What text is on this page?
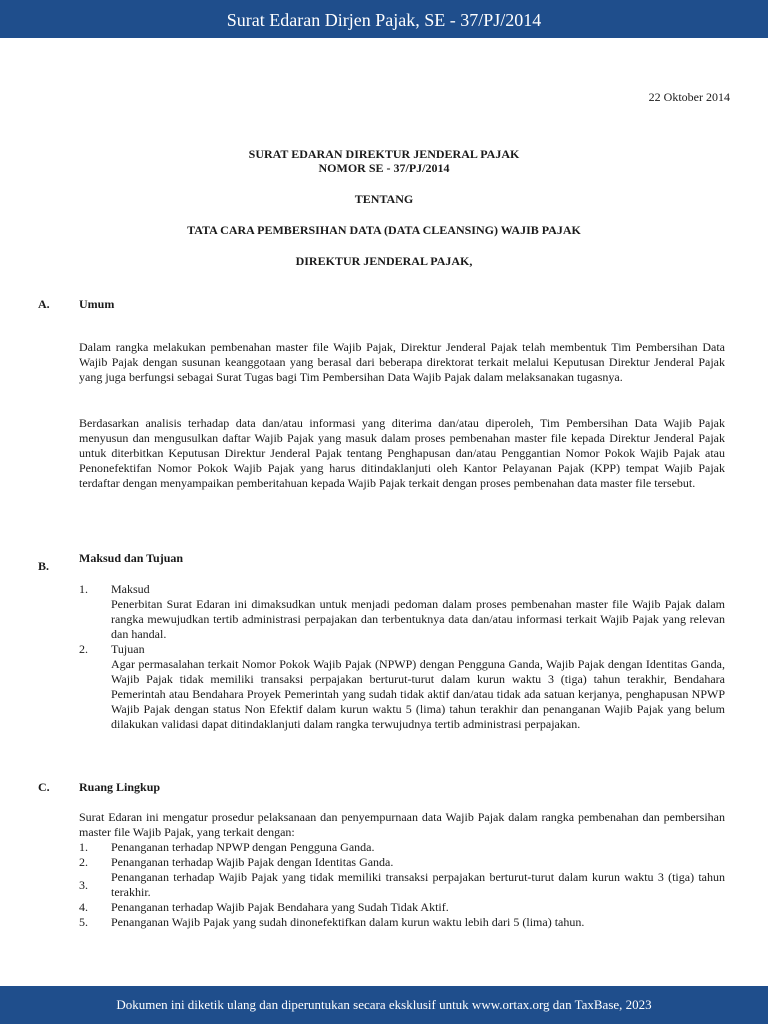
Surat Edaran Dirjen Pajak, SE - 37/PJ/2014
22 Oktober 2014
SURAT EDARAN DIREKTUR JENDERAL PAJAK
NOMOR SE - 37/PJ/2014
TENTANG
TATA CARA PEMBERSIHAN DATA (DATA CLEANSING) WAJIB PAJAK
DIREKTUR JENDERAL PAJAK,
A. Umum

Dalam rangka melakukan pembenahan master file Wajib Pajak, Direktur Jenderal Pajak telah membentuk Tim Pembersihan Data Wajib Pajak dengan susunan keanggotaan yang berasal dari beberapa direktorat terkait melalui Keputusan Direktur Jenderal Pajak yang juga berfungsi sebagai Surat Tugas bagi Tim Pembersihan Data Wajib Pajak dalam melaksanakan tugasnya.

Berdasarkan analisis terhadap data dan/atau informasi yang diterima dan/atau diperoleh, Tim Pembersihan Data Wajib Pajak menyusun dan mengusulkan daftar Wajib Pajak yang masuk dalam proses pembenahan master file kepada Direktur Jenderal Pajak untuk diterbitkan Keputusan Direktur Jenderal Pajak tentang Penghapusan dan/atau Penggantian Nomor Pokok Wajib Pajak atau Penonefektifan Nomor Pokok Wajib Pajak yang harus ditindaklanjuti oleh Kantor Pelayanan Pajak (KPP) tempat Wajib Pajak terdaftar dengan menyampaikan pemberitahuan kepada Wajib Pajak terkait dengan proses pembenahan data master file tersebut.

Maksud dan Tujuan
B.
1.	Maksud
Penerbitan Surat Edaran ini dimaksudkan untuk menjadi pedoman dalam proses pembenahan master file Wajib Pajak dalam rangka mewujudkan tertib administrasi perpajakan dan terbentuknya data dan/atau informasi terkait Wajib Pajak yang relevan dan handal.
2.	Tujuan
Agar permasalahan terkait Nomor Pokok Wajib Pajak (NPWP) dengan Pengguna Ganda, Wajib Pajak dengan Identitas Ganda, Wajib Pajak tidak memiliki transaksi perpajakan berturut-turut dalam kurun waktu 3 (tiga) tahun terakhir, Bendahara Pemerintah atau Bendahara Proyek Pemerintah yang sudah tidak aktif dan/atau tidak ada satuan kerjanya, penghapusan NPWP Wajib Pajak dengan status Non Efektif dalam kurun waktu 5 (lima) tahun terakhir dan penanganan Wajib Pajak yang belum dilakukan validasi dapat ditindaklanjuti dalam rangka terwujudnya tertib administrasi perpajakan.
C. Ruang Lingkup

Surat Edaran ini mengatur prosedur pelaksanaan dan penyempurnaan data Wajib Pajak dalam rangka pembenahan dan pembersihan master file Wajib Pajak, yang terkait dengan:

1.	Penanganan terhadap NPWP dengan Pengguna Ganda.
2.	Penanganan terhadap Wajib Pajak dengan Identitas Ganda.
3.
Penanganan terhadap Wajib Pajak yang tidak memiliki transaksi perpajakan berturut-turut dalam kurun waktu 3 (tiga) tahun terakhir.
4.	Penanganan terhadap Wajib Pajak Bendahara yang Sudah Tidak Aktif.
5.	Penanganan Wajib Pajak yang sudah dinonefektifkan dalam kurun waktu lebih dari 5 (lima) tahun.
Dokumen ini diketik ulang dan diperuntukan secara eksklusif untuk www.ortax.org dan TaxBase, 2023
